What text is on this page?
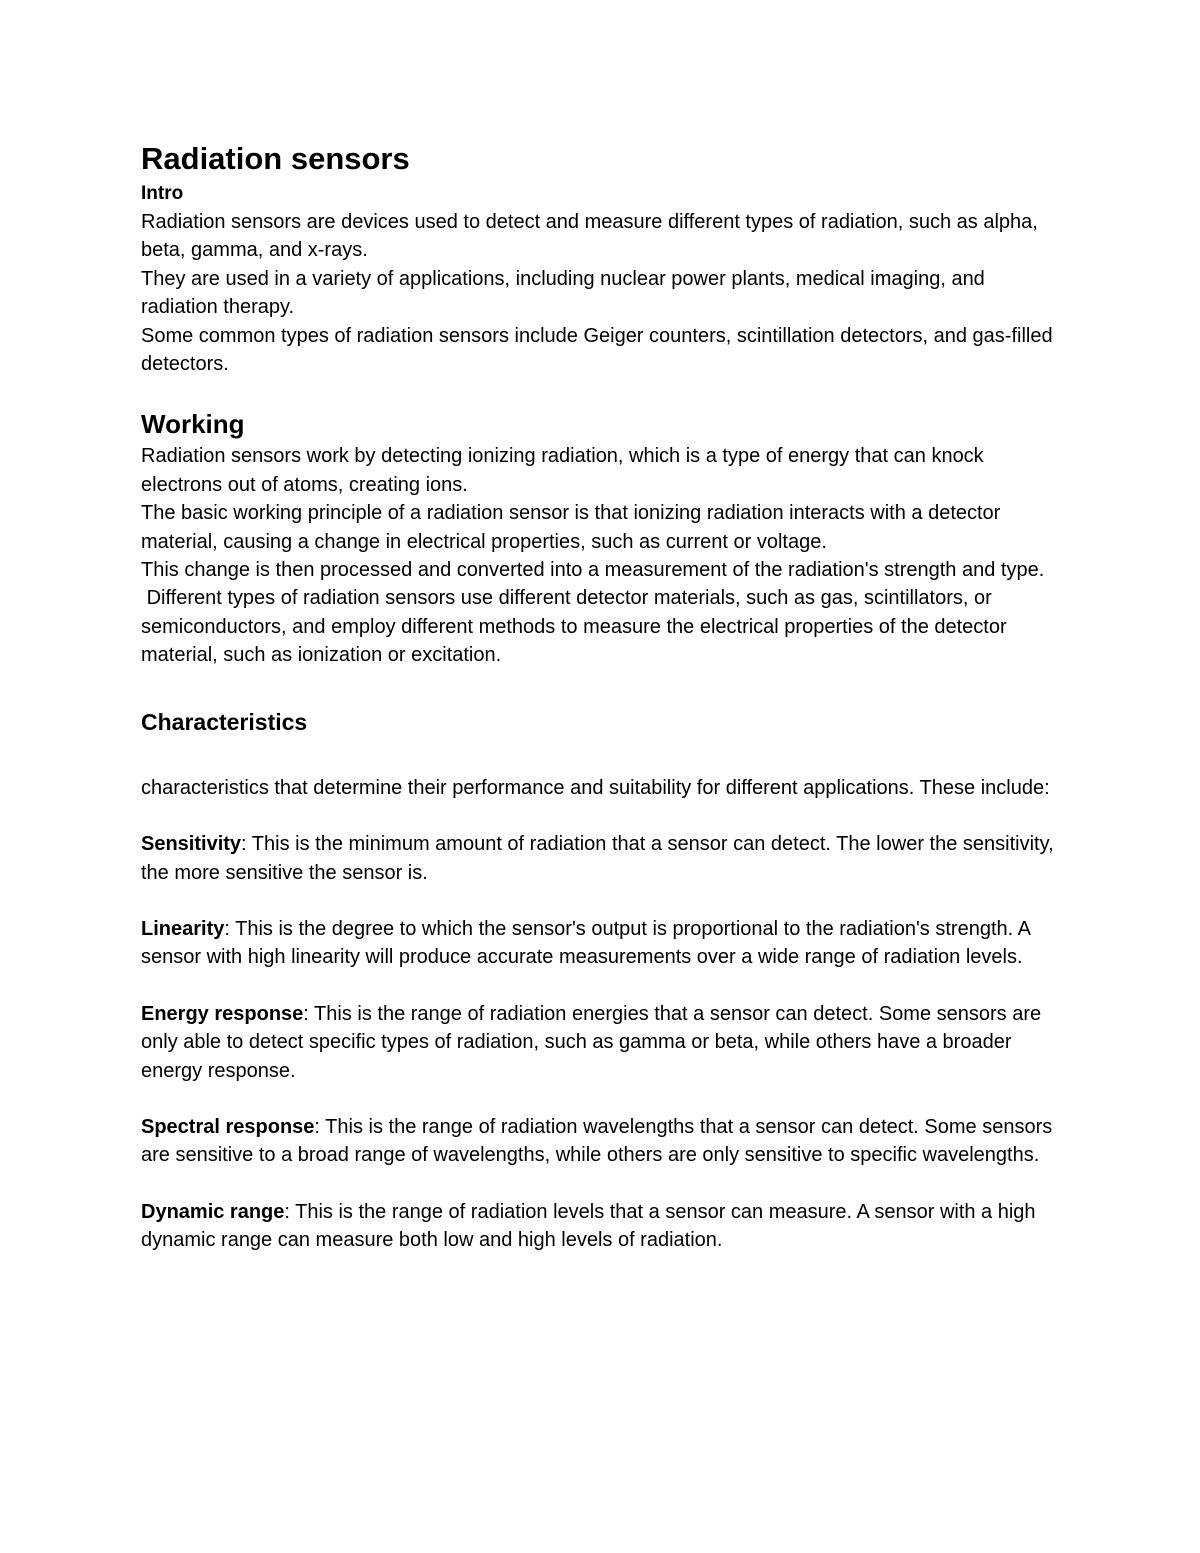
Radiation sensors
Intro

Radiation sensors are devices used to detect and measure different types of radiation, such as alpha, beta, gamma, and x-rays.

They are used in a variety of applications, including nuclear power plants, medical imaging, and radiation therapy.

Some common types of radiation sensors include Geiger counters, scintillation detectors, and gas-filled detectors.

Working

Radiation sensors work by detecting ionizing radiation, which is a type of energy that can knock electrons out of atoms, creating ions.

The basic working principle of a radiation sensor is that ionizing radiation interacts with a detector material, causing a change in electrical properties, such as current or voltage.

This change is then processed and converted into a measurement of the radiation's strength and type.

Different types of radiation sensors use different detector materials, such as gas, scintillators, or semiconductors, and employ different methods to measure the electrical properties of the detector material, such as ionization or excitation.

Characteristics

characteristics that determine their performance and suitability for different applications. These include:

Sensitivity: This is the minimum amount of radiation that a sensor can detect. The lower the sensitivity, the more sensitive the sensor is.

Linearity: This is the degree to which the sensor's output is proportional to the radiation's strength. A sensor with high linearity will produce accurate measurements over a wide range of radiation levels.

Energy response: This is the range of radiation energies that a sensor can detect. Some sensors are only able to detect specific types of radiation, such as gamma or beta, while others have a broader energy response.

Spectral response: This is the range of radiation wavelengths that a sensor can detect. Some sensors are sensitive to a broad range of wavelengths, while others are only sensitive to specific wavelengths.

Dynamic range: This is the range of radiation levels that a sensor can measure. A sensor with a high dynamic range can measure both low and high levels of radiation.
